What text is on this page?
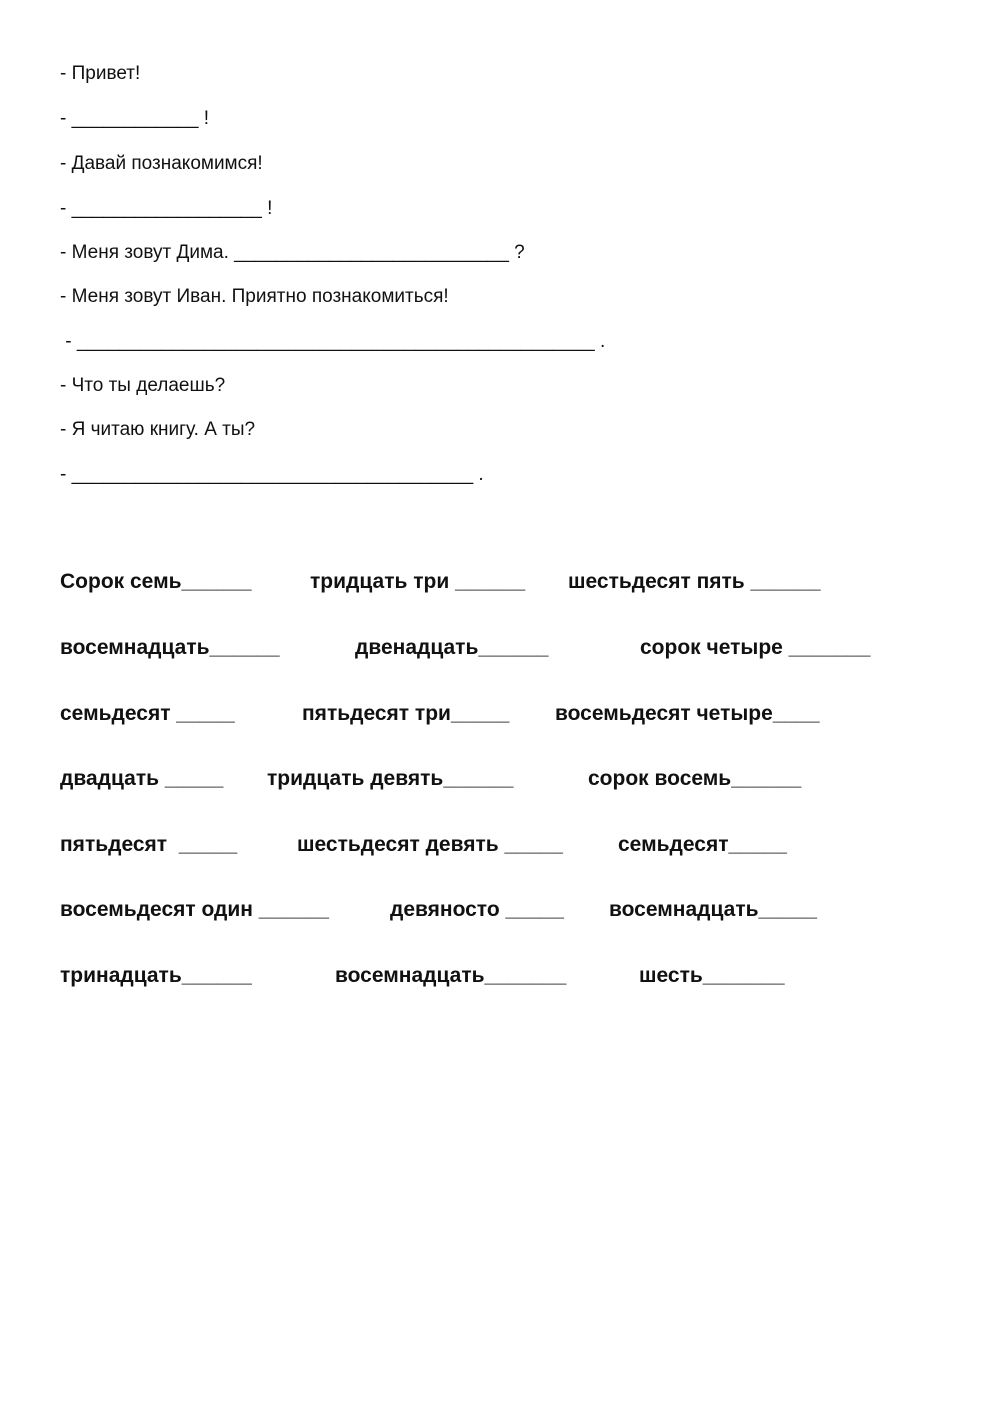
- Привет!
- ____________ !
- Давай познакомимся!
- __________________ !
- Меня зовут Дима. __________________________ ?
- Меня зовут Иван. Приятно познакомиться!
- _________________________________________________ .
- Что ты делаешь?
- Я читаю книгу. А ты?
- ______________________________________ .
Сорок семь______	тридцать три ______ шестьдесят пять ______
восемнадцать______	двенадцать______	сорок четыре _______
семьдесят _____	пятьдесят три_____ восемьдесят четыре____
двадцать _____ тридцать девять______	сорок восемь______
пятьдесят  _____	шестьдесят девять _____	семьдесят_____
восемьдесят один ______	девяносто _____ восемнадцать_____
тринадцать______	восемнадцать_______	шесть_______
